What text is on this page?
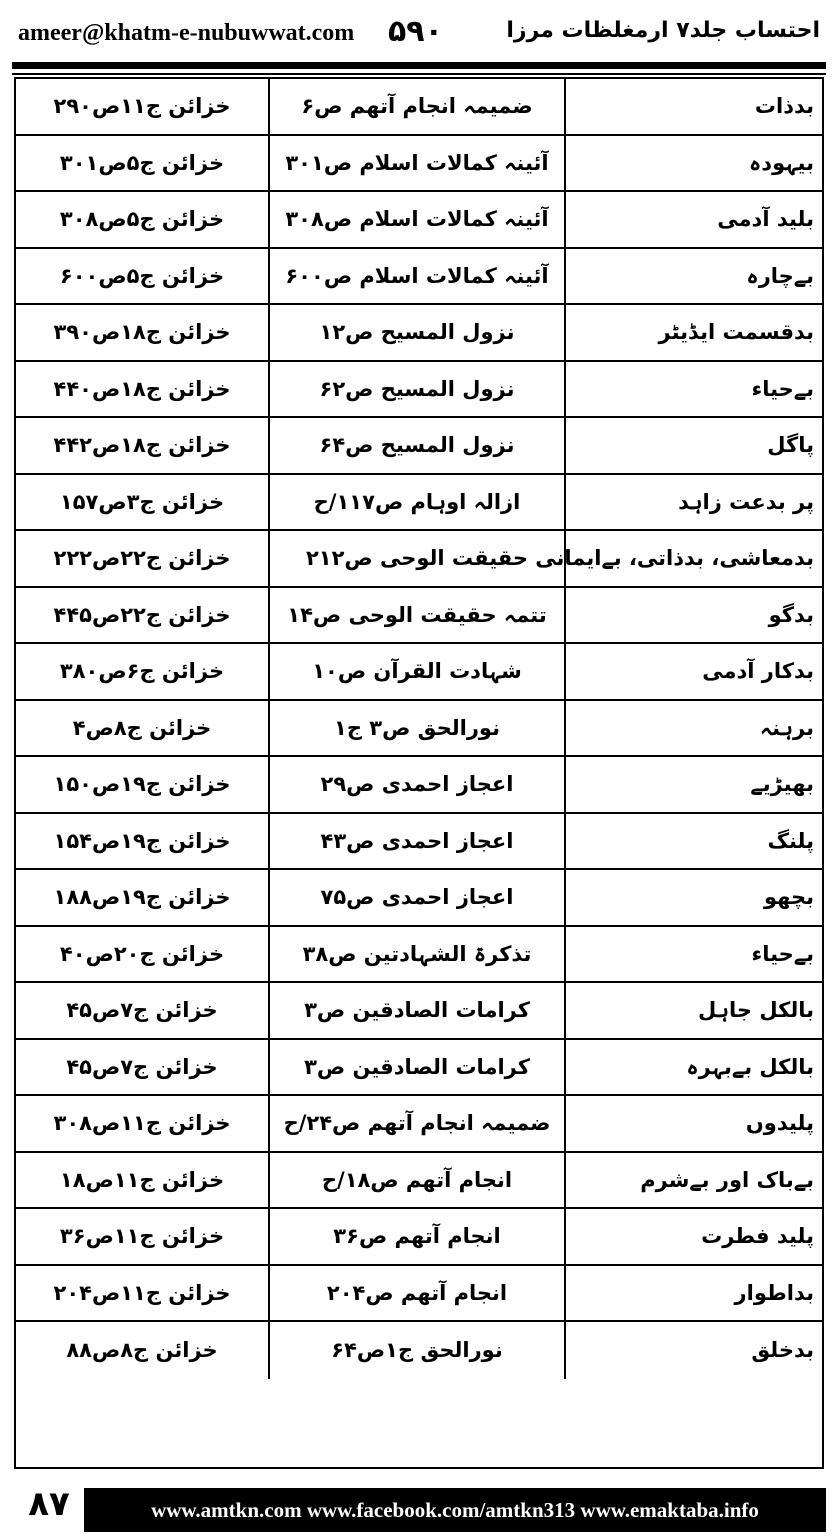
ameer@khatm-e-nubuwwat.com ۵۹۰	احتساب جلد۷ ارمغلظات مرزا
بدذات
ضمیمہ انجام آتھم ص۶
خزائن ج۱۱ص۲۹۰
بیہودہ
آئینہ کمالات اسلام ص۳۰۱
خزائن ج۵ص۳۰۱
بلید آدمی
آئینہ کمالات اسلام ص۳۰۸
خزائن ج۵ص۳۰۸
بےچارہ
آئینہ کمالات اسلام ص۶۰۰
خزائن ج۵ص۶۰۰
بدقسمت ایڈیٹر
نزول المسیح ص۱۲
خزائن ج۱۸ص۳۹۰
بےحیاء
نزول المسیح ص۶۲
خزائن ج۱۸ص۴۴۰
پاگل
نزول المسیح ص۶۴
خزائن ج۱۸ص۴۴۲
پر بدعت زاہد
ازالہ اوہام ص۱۱۷/ح
خزائن ج۳ص۱۵۷
بدمعاشی، بدذاتی، بےایمانی
حقیقت الوحی ص۲۱۲
خزائن ج۲۲ص۲۲۲
بدگو
تتمہ حقیقت الوحی ص۱۴
خزائن ج۲۲ص۴۴۵
بدکار آدمی
شہادت القرآن ص۱۰
خزائن ج۶ص۳۸۰
برہنہ
نورالحق ص۳ ج۱
خزائن ج۸ص۴
بھیڑیے
اعجاز احمدی ص۲۹
خزائن ج۱۹ص۱۵۰
پلنگ
اعجاز احمدی ص۴۳
خزائن ج۱۹ص۱۵۴
بچھو
اعجاز احمدی ص۷۵
خزائن ج۱۹ص۱۸۸
بےحیاء
تذکرۃ الشہادتین ص۳۸
خزائن ج۲۰ص۴۰
بالکل جاہل
کرامات الصادقین ص۳
خزائن ج۷ص۴۵
بالکل بےبہرہ
کرامات الصادقین ص۳
خزائن ج۷ص۴۵
پلیدوں
ضمیمہ انجام آتھم ص۲۴/ح
خزائن ج۱۱ص۳۰۸
بےباک اور بےشرم
انجام آتھم ص۱۸/ح
خزائن ج۱۱ص۱۸
پلید فطرت
انجام آتھم ص۳۶
خزائن ج۱۱ص۳۶
بداطوار
انجام آتھم ص۲۰۴
خزائن ج۱۱ص۲۰۴
بدخلق
نورالحق ج۱ص۶۴
خزائن ج۸ص۸۸
۸۷	www.amtkn.com www.facebook.com/amtkn313 www.emaktaba.info
